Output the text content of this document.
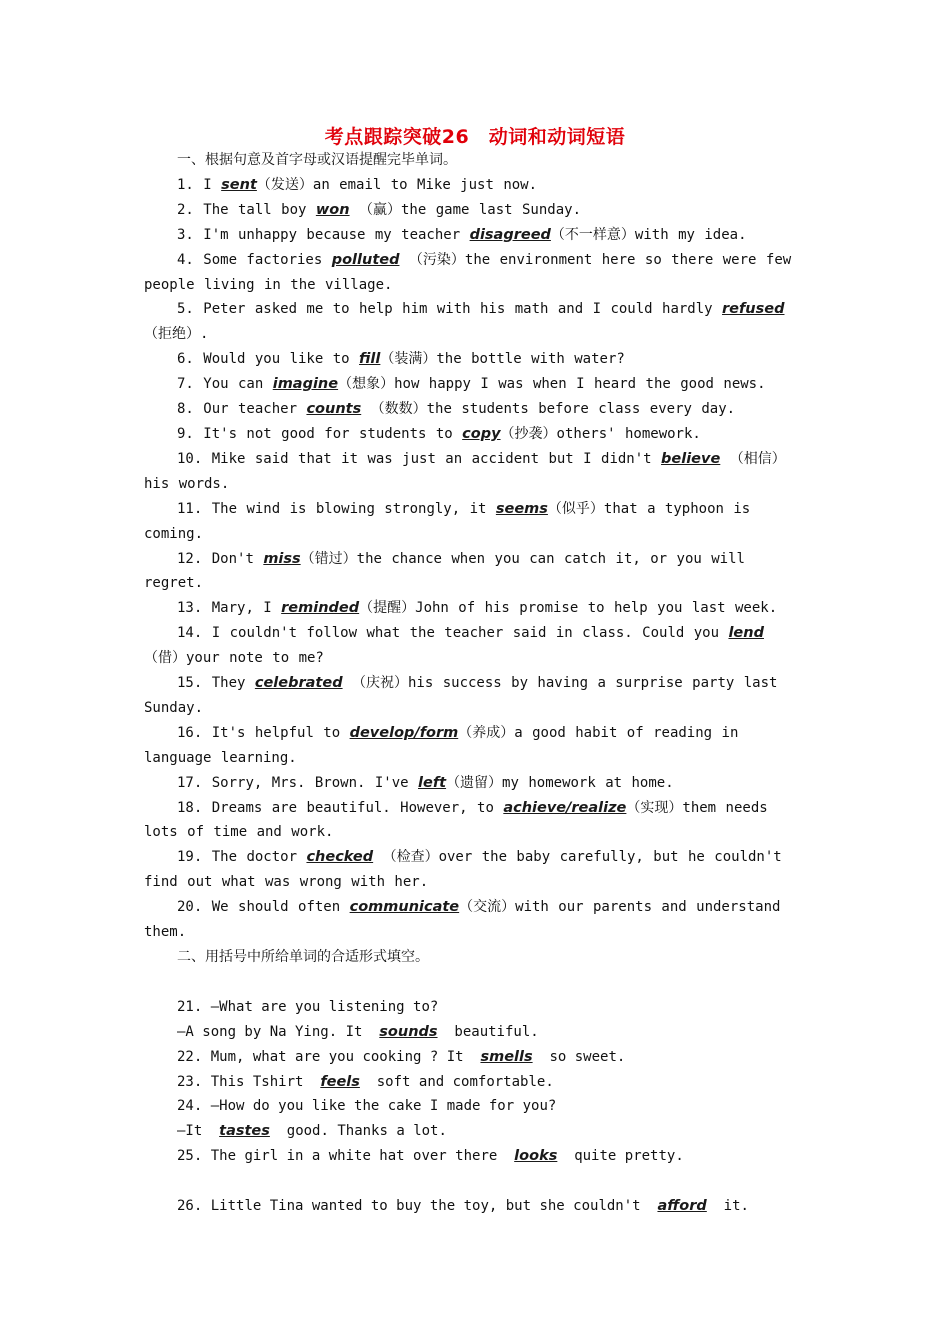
考点跟踪突破26　动词和动词短语

一、根据句意及首字母或汉语提醒完毕单词。

1. I sent（发送）an email to Mike just now.

2. The tall boy won （赢）the game last Sunday.

3. I'm unhappy because my teacher disagreed（不一样意）with my idea.

4. Some factories polluted （污染）the environment here so there were few people living in the village.

5. Peter asked me to help him with his math and I could hardly refused（拒绝）.

6. Would you like to fill（装满）the bottle with water?

7. You can imagine（想象）how happy I was when I heard the good news.

8. Our teacher counts （数数）the students before class every day.

9. It's not good for students to copy（抄袭）others' homework.

10. Mike said that it was just an accident but I didn't believe （相信）his words.

11. The wind is blowing strongly, it seems（似乎）that a typhoon is coming.

12. Don't miss（错过）the chance when you can catch it, or you will regret.

13. Mary, I reminded（提醒）John of his promise to help you last week.

14. I couldn't follow what the teacher said in class. Could you lend （借）your note to me?

15. They celebrated （庆祝）his success by having a surprise party last Sunday.

16. It's helpful to develop/form（养成）a good habit of reading in language learning.

17. Sorry, Mrs. Brown. I've left（遗留）my homework at home.

18. Dreams are beautiful. However, to achieve/realize（实现）them needs lots of time and work.

19. The doctor checked （检查）over the baby carefully, but he couldn't find out what was wrong with her.

20. We should often communicate（交流）with our parents and understand them.

二、用括号中所给单词的合适形式填空。

21. —What are you listening to?

—A song by Na Ying. It  sounds  beautiful.

22. Mum, what are you cooking ? It  smells  so sweet.

23. This Tshirt  feels  soft and comfortable.

24. —How do you like the cake I made for you?

—It  tastes  good. Thanks a lot.

25. The girl in a white hat over there  looks  quite pretty.

26. Little Tina wanted to buy the toy, but she couldn't  afford  it.
